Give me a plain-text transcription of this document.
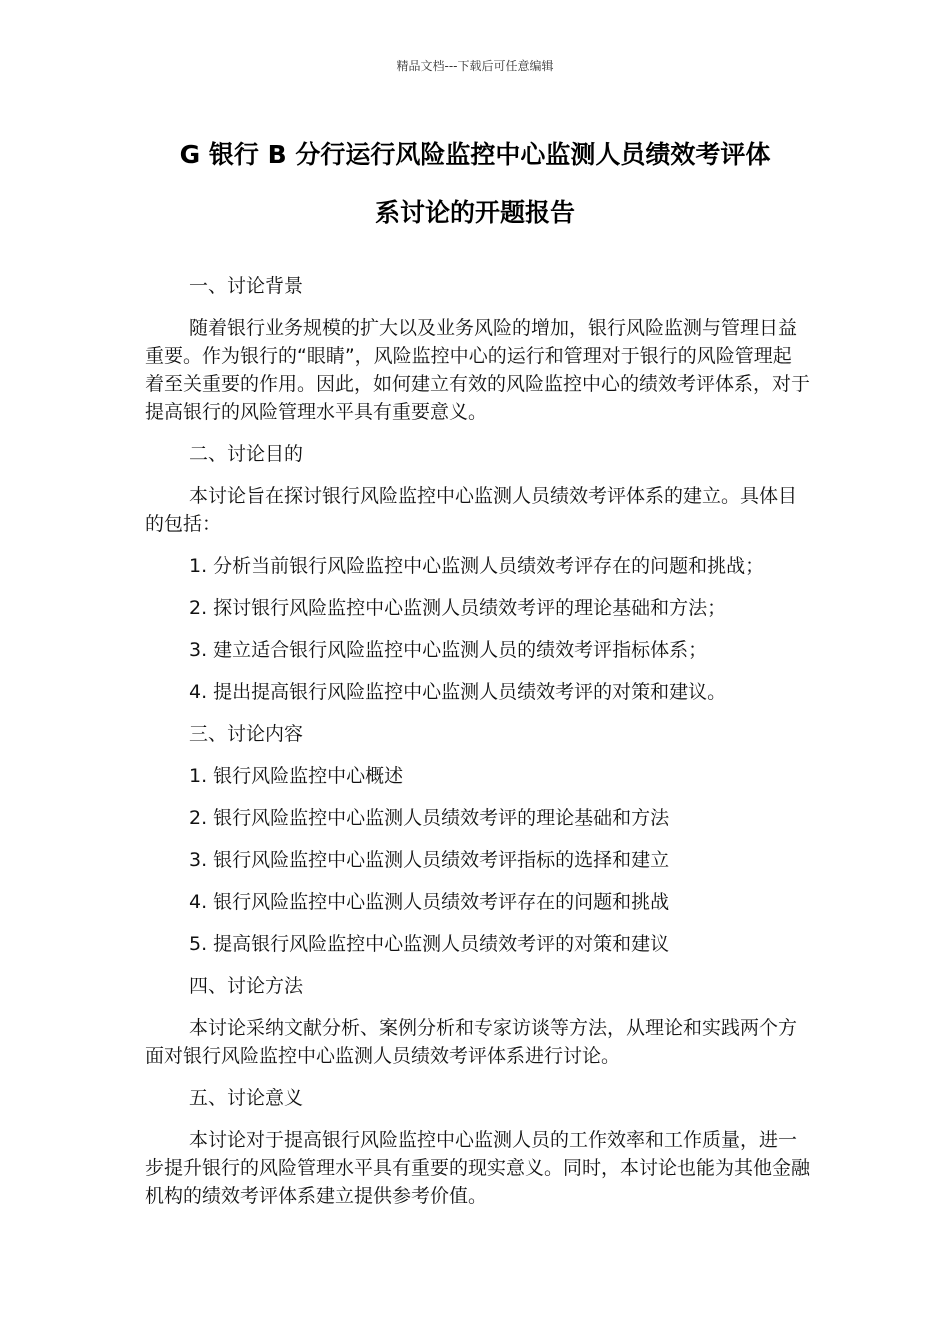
精品文档---下载后可任意编辑
G 银行 B 分行运行风险监控中心监测人员绩效考评体
系讨论的开题报告

一、讨论背景

随着银行业务规模的扩大以及业务风险的增加，银行风险监测与管理日益重要。作为银行的“眼睛”，风险监控中心的运行和管理对于银行的风险管理起着至关重要的作用。因此，如何建立有效的风险监控中心的绩效考评体系，对于提高银行的风险管理水平具有重要意义。

二、讨论目的

本讨论旨在探讨银行风险监控中心监测人员绩效考评体系的建立。具体目的包括：

1. 分析当前银行风险监控中心监测人员绩效考评存在的问题和挑战；

2. 探讨银行风险监控中心监测人员绩效考评的理论基础和方法；

3. 建立适合银行风险监控中心监测人员的绩效考评指标体系；

4. 提出提高银行风险监控中心监测人员绩效考评的对策和建议。

三、讨论内容

1. 银行风险监控中心概述

2. 银行风险监控中心监测人员绩效考评的理论基础和方法

3. 银行风险监控中心监测人员绩效考评指标的选择和建立

4. 银行风险监控中心监测人员绩效考评存在的问题和挑战

5. 提高银行风险监控中心监测人员绩效考评的对策和建议

四、讨论方法

本讨论采纳文献分析、案例分析和专家访谈等方法，从理论和实践两个方面对银行风险监控中心监测人员绩效考评体系进行讨论。

五、讨论意义

本讨论对于提高银行风险监控中心监测人员的工作效率和工作质量，进一步提升银行的风险管理水平具有重要的现实意义。同时，本讨论也能为其他金融机构的绩效考评体系建立提供参考价值。
